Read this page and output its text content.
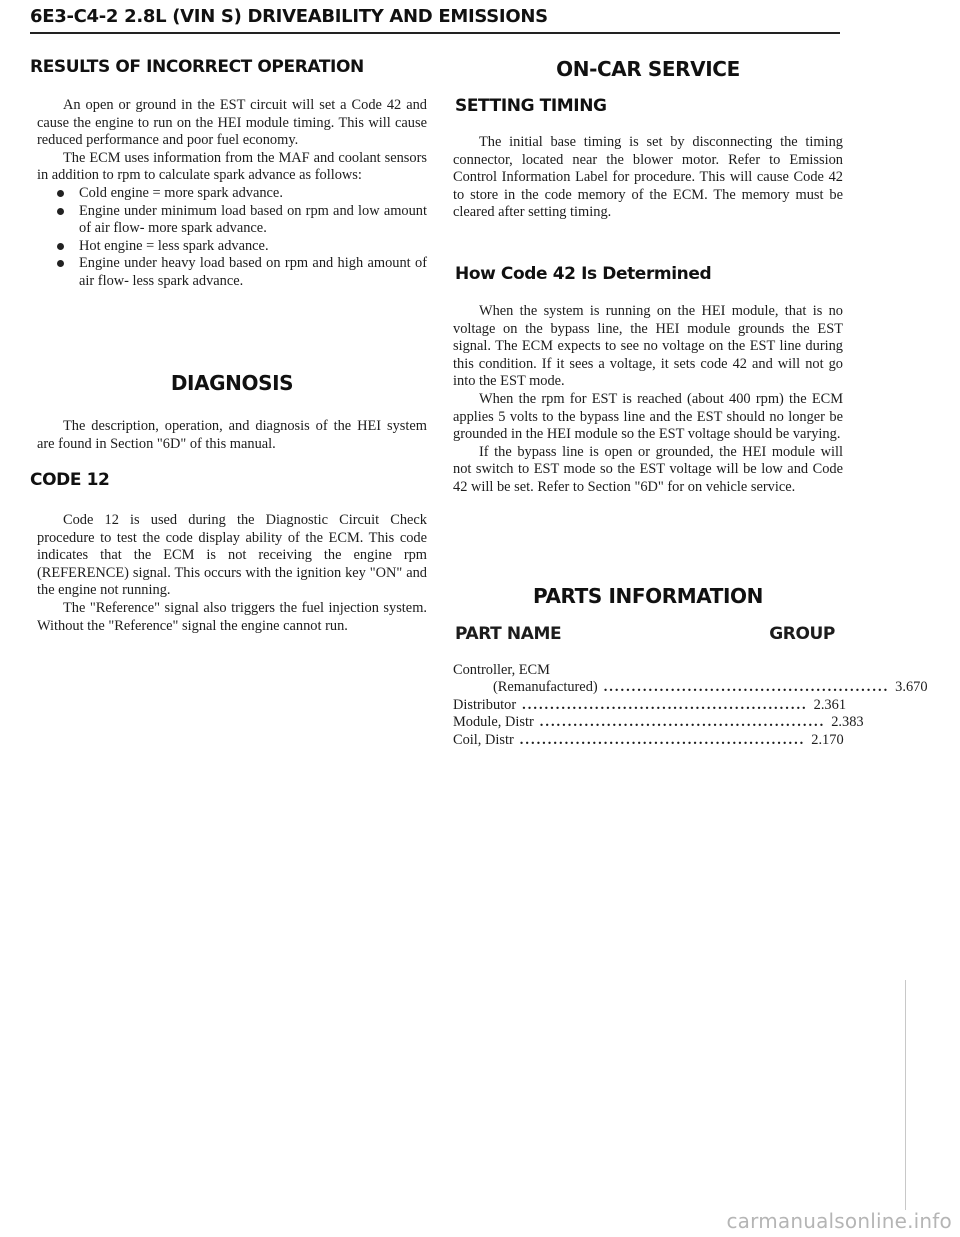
6E3-C4-2 2.8L (VIN S) DRIVEABILITY AND EMISSIONS
RESULTS OF INCORRECT OPERATION

An open or ground in the EST circuit will set a Code 42 and cause the engine to run on the HEI module timing. This will cause reduced performance and poor fuel economy.

The ECM uses information from the MAF and coolant sensors in addition to rpm to calculate spark advance as follows:

Cold engine = more spark advance.
Engine under minimum load based on rpm and low amount of air flow- more spark advance.
Hot engine = less spark advance.
Engine under heavy load based on rpm and high amount of air flow- less spark advance.
DIAGNOSIS

The description, operation, and diagnosis of the HEI system are found in Section "6D" of this manual.

CODE 12

Code 12 is used during the Diagnostic Circuit Check procedure to test the code display ability of the ECM. This code indicates that the ECM is not receiving the engine rpm (REFERENCE) signal. This occurs with the ignition key "ON" and the engine not running.

The "Reference" signal also triggers the fuel injection system. Without the "Reference" signal the engine cannot run.

ON-CAR SERVICE
SETTING TIMING

The initial base timing is set by disconnecting the timing connector, located near the blower motor. Refer to Emission Control Information Label for procedure. This will cause Code 42 to store in the code memory of the ECM. The memory must be cleared after setting timing.

How Code 42 Is Determined

When the system is running on the HEI module, that is no voltage on the bypass line, the HEI module grounds the EST signal. The ECM expects to see no voltage on the EST line during this condition. If it sees a voltage, it sets code 42 and will not go into the EST mode.

When the rpm for EST is reached (about 400 rpm) the ECM applies 5 volts to the bypass line and the EST should no longer be grounded in the HEI module so the EST voltage should be varying.

If the bypass line is open or grounded, the HEI module will not switch to EST mode so the EST voltage will be low and Code 42 will be set. Refer to Section "6D" for on vehicle service.

PARTS INFORMATION
PART NAME	GROUP
Controller, ECM
(Remanufactured) ................................................... 3.670
Distributor ................................................... 2.361
Module, Distr ................................................... 2.383
Coil, Distr ................................................... 2.170
carmanualsonline.info
